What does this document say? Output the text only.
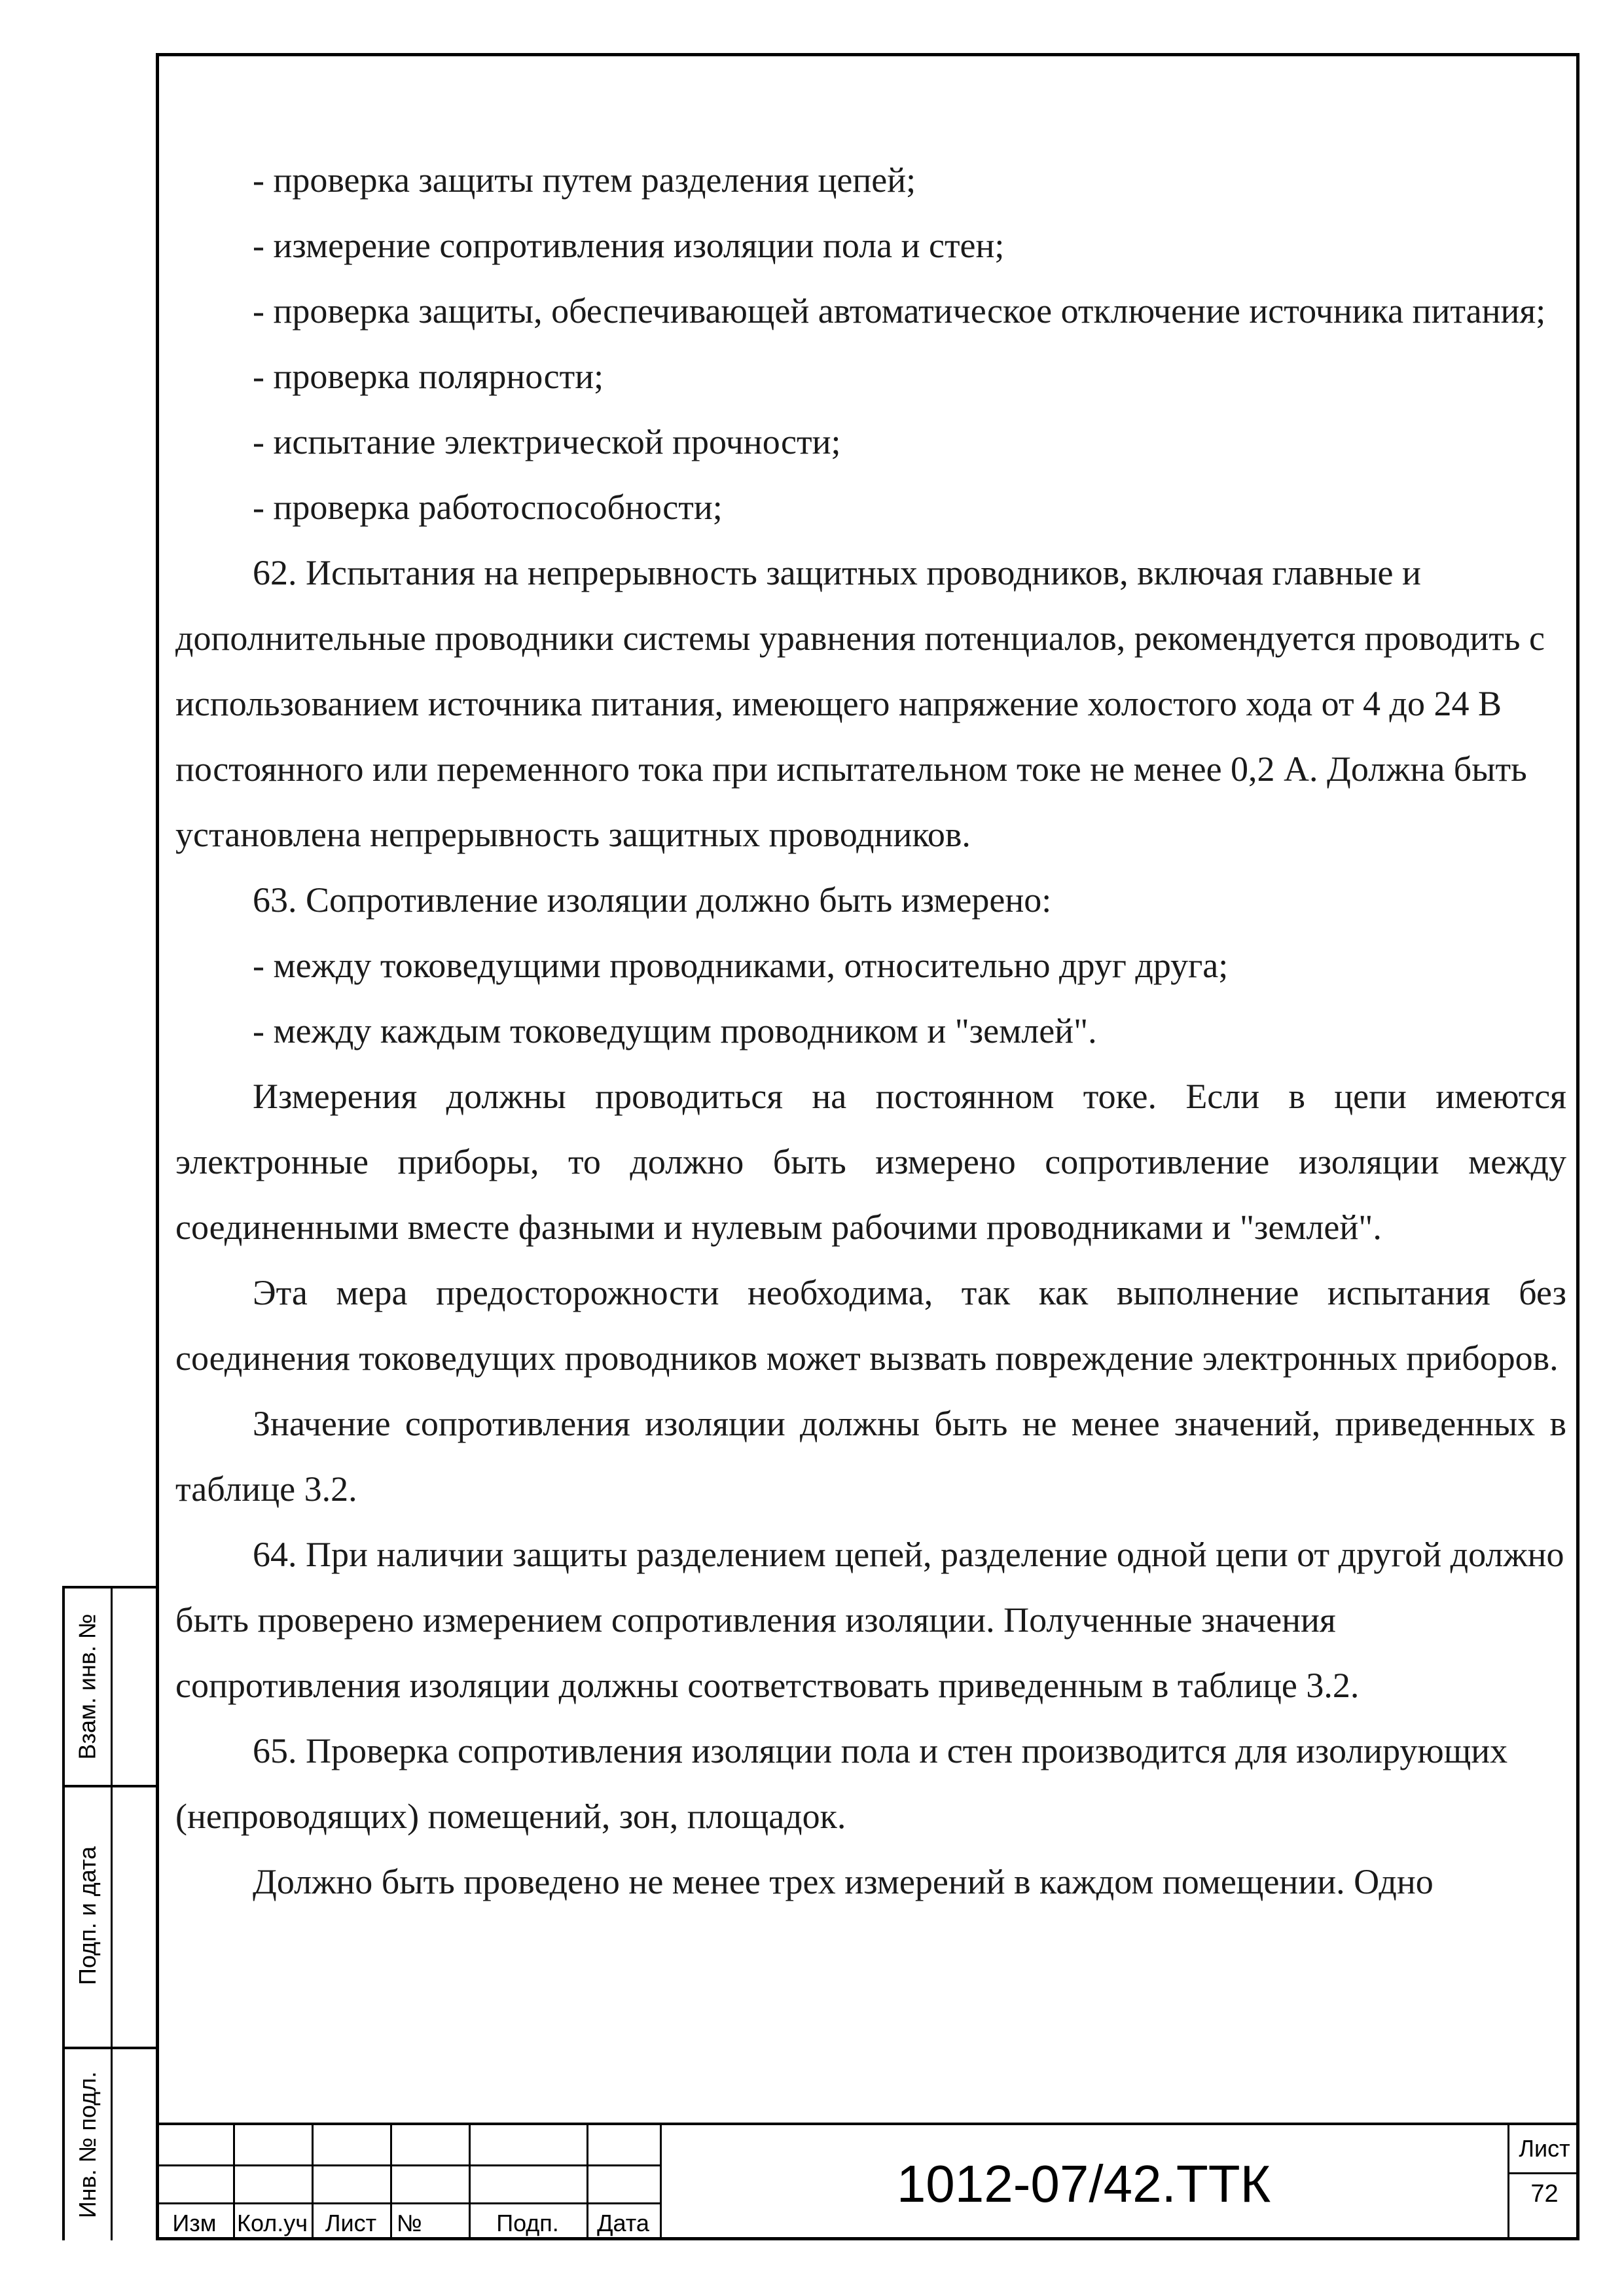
- проверка защиты путем разделения цепей;

- измерение сопротивления изоляции пола и стен;

- проверка защиты, обеспечивающей автоматическое отключение источника питания;

- проверка полярности;

- испытание электрической прочности;

- проверка работоспособности;

62. Испытания на непрерывность защитных проводников, включая главные и дополнительные проводники системы уравнения потенциалов, рекомендуется проводить с использованием источника питания, имеющего напряжение холостого хода от 4 до 24 В постоянного или переменного тока при испытательном токе не менее 0,2 А. Должна быть установлена непрерывность защитных проводников.

63. Сопротивление изоляции должно быть измерено:

- между токоведущими проводниками, относительно друг друга;

- между каждым токоведущим проводником и "землей".

Измерения должны проводиться на постоянном токе. Если в цепи имеются электронные приборы, то должно быть измерено сопротивление изоляции между соединенными вместе фазными и нулевым рабочими проводниками и "землей".

Эта мера предосторожности необходима, так как выполнение испытания без соединения токоведущих проводников может вызвать повреждение электронных приборов.

Значение сопротивления изоляции должны быть не менее значений, приведенных в таблице 3.2.

64. При наличии защиты разделением цепей, разделение одной цепи от другой должно быть проверено измерением сопротивления изоляции. Полученные значения сопротивления изоляции должны соответствовать приведенным в таблице 3.2.

65. Проверка сопротивления изоляции пола и стен производится для изолирующих (непроводящих) помещений, зон, площадок.

Должно быть проведено не менее трех измерений в каждом помещении. Одно

Взам. инв. №
Подп. и дата
Инв. № подл.
Изм Кол.уч Лист №	Подп.	Дата
1012-07/42.ТТК
Лист
72
